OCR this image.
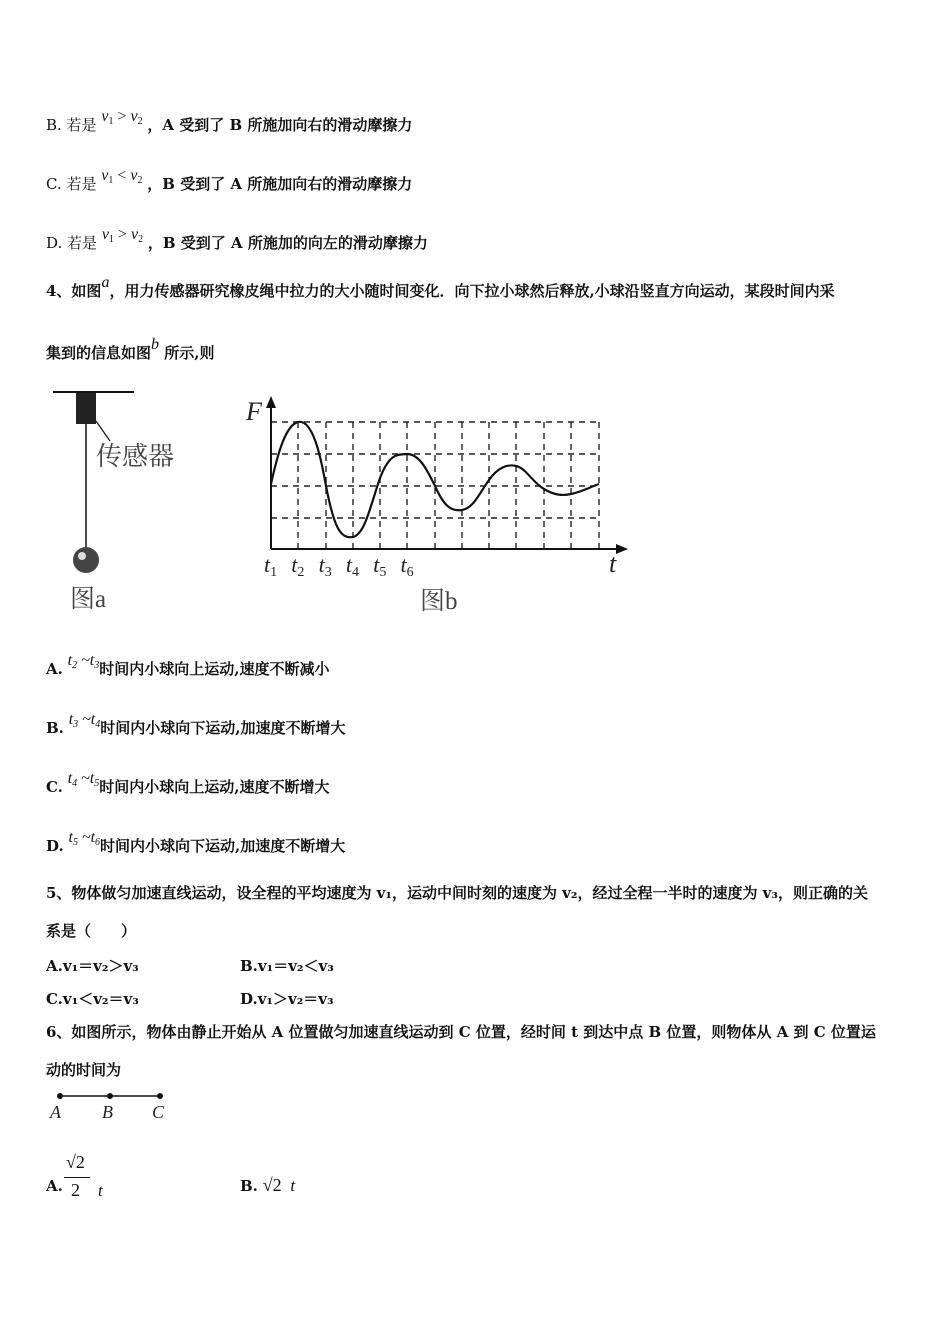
B. 若是 $v_1 > v_2$ ，A 受到了 B 所施加向右的滑动摩擦力
C. 若是 $v_1 < v_2$ ，B 受到了 A 所施加向右的滑动摩擦力
D. 若是 $v_1 > v_2$ ，B 受到了 A 所施加的向左的滑动摩擦力
4、如图a，用力传感器研究橡皮绳中拉力的大小随时间变化．向下拉小球然后释放,小球沿竖直方向运动，某段时间内采
集到的信息如图b 所示,则
传感器
图a
F
t
t1 t2 t3 t4 t5 t6
图b
A. $t_2$ $\sim t_3$时间内小球向上运动,速度不断减小
B. $t_3$ $\sim t_4$时间内小球向下运动,加速度不断增大
C. $t_4$ $\sim t_5$时间内小球向上运动,速度不断增大
D. $t_5$ $\sim t_6$时间内小球向下运动,加速度不断增大
5、物体做匀加速直线运动，设全程的平均速度为 v₁，运动中间时刻的速度为 v₂，经过全程一半时的速度为 v₃，则正确的关
系是（　　）
A.v₁＝v₂＞v₃	B.v₁＝v₂＜v₃
C.v₁＜v₂＝v₃	D.v₁＞v₂＝v₃
6、如图所示，物体由静止开始从 A 位置做匀加速直线运动到 C 位置，经时间 t 到达中点 B 位置，则物体从 A 到 C 位置运
动的时间为
A B C
A.
√2
2 t	B. √2 t
